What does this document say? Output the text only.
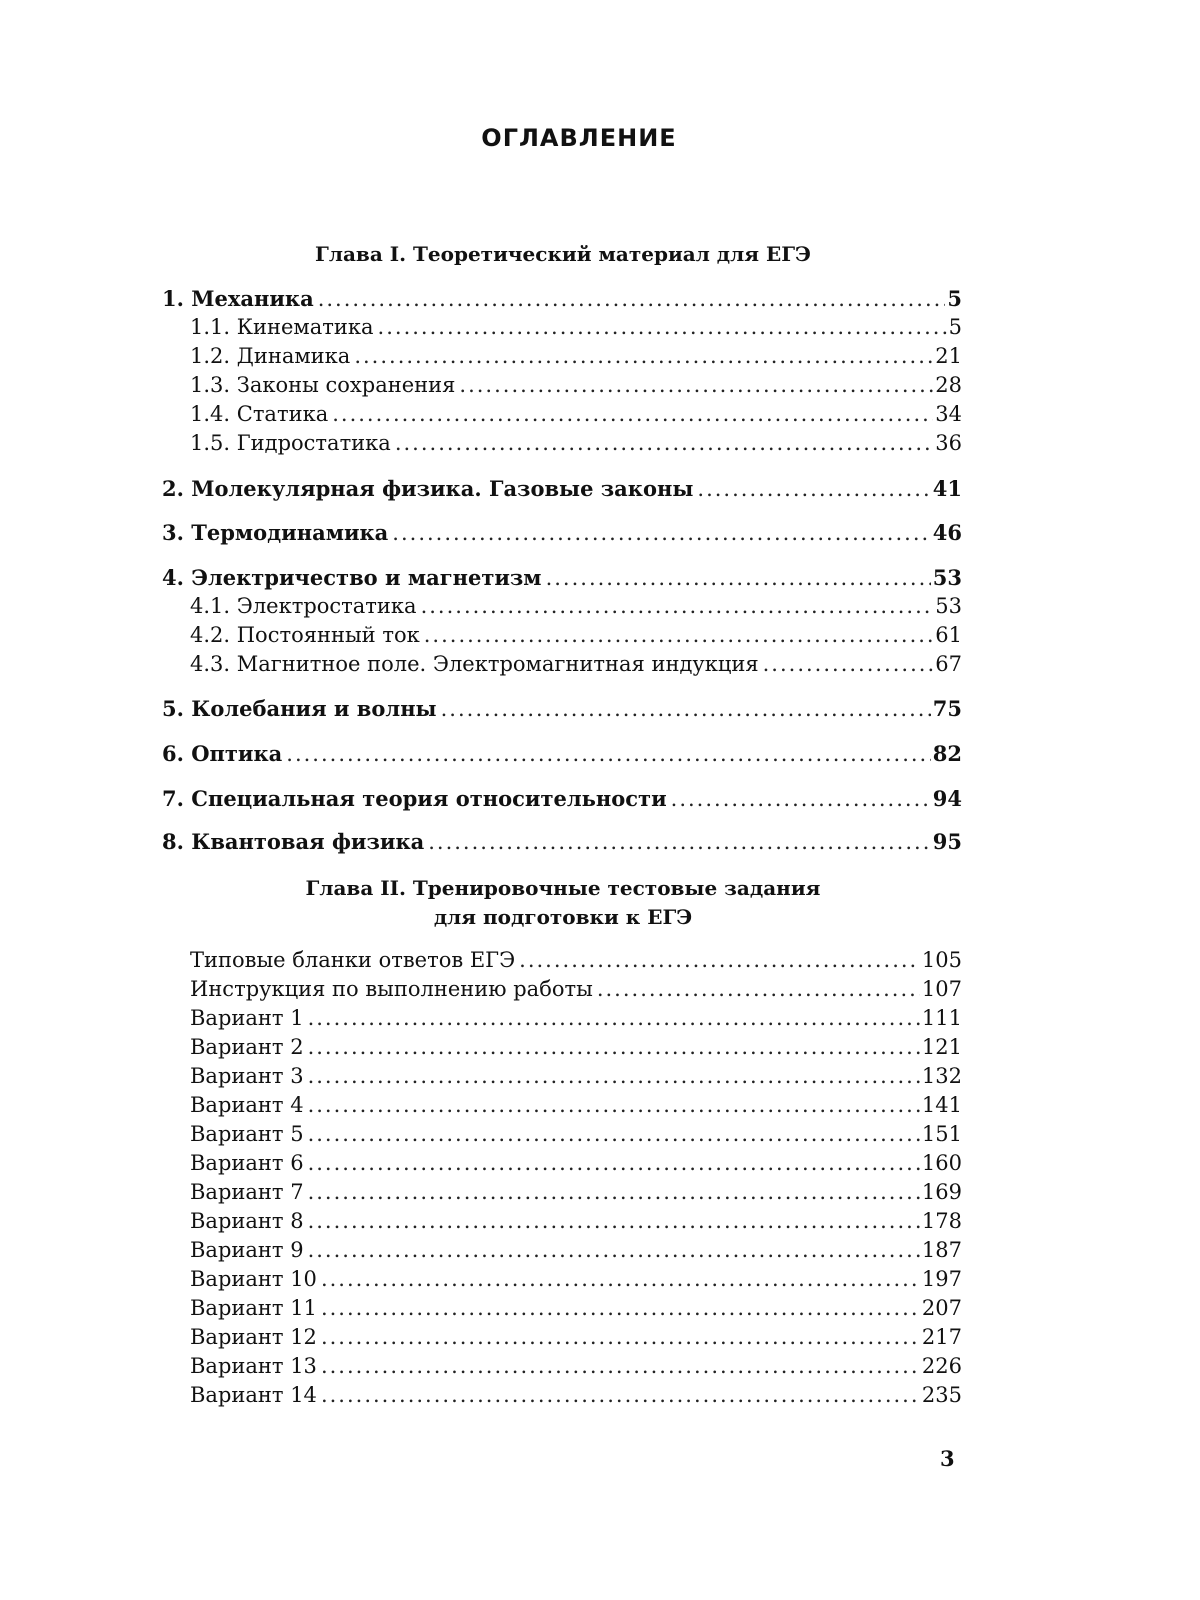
ОГЛАВЛЕНИЕ
Глава I. Теоретический материал для ЕГЭ
1. Механика .....	5
1.1. Кинематика .....	5
1.2. Динамика .....	21
1.3. Законы сохранения .....	28
1.4. Статика .....	34
1.5. Гидростатика .....	36
2. Молекулярная физика. Газовые законы .....	41
3. Термодинамика .....	46
4. Электричество и магнетизм .....	53
4.1. Электростатика .....	53
4.2. Постоянный ток .....	61
4.3. Магнитное поле. Электромагнитная индукция .....	67
5. Колебания и волны .....	75
6. Оптика .....	82
7. Специальная теория относительности .....	94
8. Квантовая физика .....	95
Глава II. Тренировочные тестовые задания
для подготовки к ЕГЭ
Типовые бланки ответов ЕГЭ .....	105
Инструкция по выполнению работы .....	107
Вариант 1 .....	111
Вариант 2 .....	121
Вариант 3 .....	132
Вариант 4 .....	141
Вариант 5 .....	151
Вариант 6 .....	160
Вариант 7 .....	169
Вариант 8 .....	178
Вариант 9 .....	187
Вариант 10 .....	197
Вариант 11 .....	207
Вариант 12 .....	217
Вариант 13 .....	226
Вариант 14 .....	235

3
